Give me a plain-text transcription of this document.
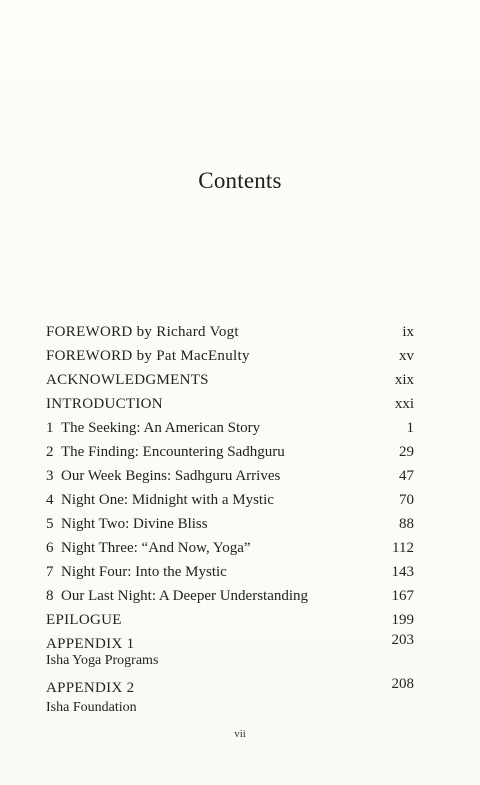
Contents
FOREWORD by Richard Vogt	ix
FOREWORD by Pat MacEnulty	xv
ACKNOWLEDGMENTS	xix
INTRODUCTION	xxi
1 The Seeking: An American Story	1
2 The Finding: Encountering Sadhguru	29
3 Our Week Begins: Sadhguru Arrives	47
4 Night One: Midnight with a Mystic	70
5 Night Two: Divine Bliss	88
6 Night Three: “And Now, Yoga”	112
7 Night Four: Into the Mystic	143
8 Our Last Night: A Deeper Understanding	167
EPILOGUE	199
APPENDIX 1	203
Isha Yoga Programs
APPENDIX 2	208
Isha Foundation
vii
